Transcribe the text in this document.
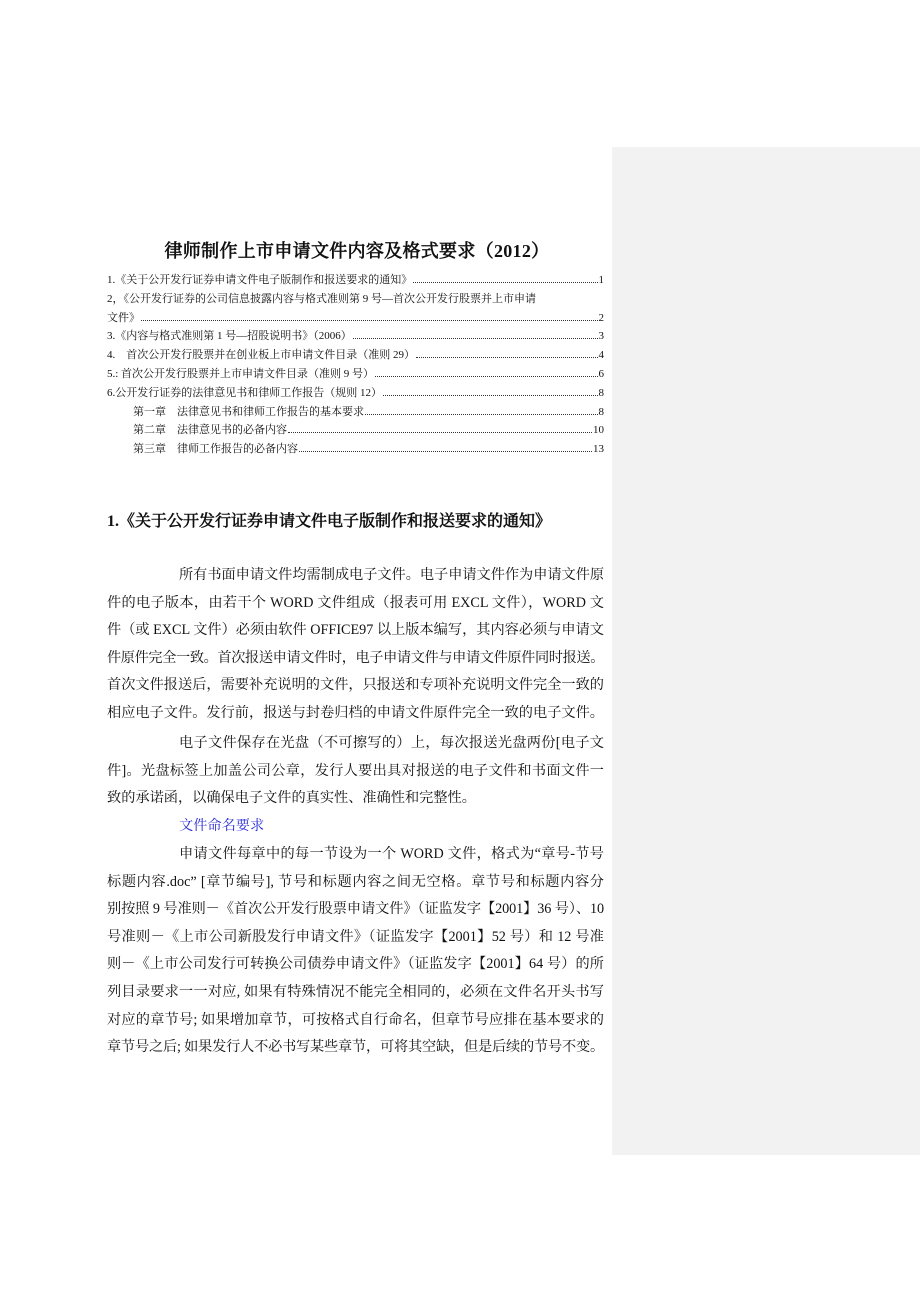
律师制作上市申请文件内容及格式要求（2012）
1.《关于公开发行证券申请文件电子版制作和报送要求的通知》	1
2，《公开发行证券的公司信息披露内容与格式准则第 9 号—首次公开发行股票并上市申请
文件》	2
3.《内容与格式准则第 1 号—招股说明书》（2006）	3
4.　首次公开发行股票并在创业板上市申请文件目录（准则 29）	4
5.: 首次公开发行股票并上市申请文件目录（准则 9 号）	6
6.公开发行证券的法律意见书和律师工作报告（规则 12）	8
第一章　法律意见书和律师工作报告的基本要求	8
第二章　法律意见书的必备内容	10
第三章　律师工作报告的必备内容	13
1.《关于公开发行证券申请文件电子版制作和报送要求的通知》
所有书面申请文件均需制成电子文件。电子申请文件作为申请文件原
件的电子版本，由若干个 WORD 文件组成（报表可用 EXCL 文件），WORD 文
件（或 EXCL 文件）必须由软件 OFFICE97 以上版本编写，其内容必须与申请文
件原件完全一致。首次报送申请文件时，电子申请文件与申请文件原件同时报送。
首次文件报送后，需要补充说明的文件，只报送和专项补充说明文件完全一致的
相应电子文件。发行前，报送与封卷归档的申请文件原件完全一致的电子文件。
电子文件保存在光盘（不可擦写的）上，每次报送光盘两份[电子文
件]。光盘标签上加盖公司公章，发行人要出具对报送的电子文件和书面文件一
致的承诺函，以确保电子文件的真实性、准确性和完整性。
文件命名要求
申请文件每章中的每一节设为一个 WORD 文件，格式为“章号-节号
标题内容.doc” [章节编号], 节号和标题内容之间无空格。章节号和标题内容分
别按照 9 号准则－《首次公开发行股票申请文件》（证监发字【2001】36 号）、10
号准则－《上市公司新股发行申请文件》（证监发字【2001】52 号）和 12 号准
则－《上市公司发行可转换公司债券申请文件》（证监发字【2001】64 号）的所
列目录要求一一对应, 如果有特殊情况不能完全相同的，必须在文件名开头书写
对应的章节号; 如果增加章节，可按格式自行命名，但章节号应排在基本要求的
章节号之后; 如果发行人不必书写某些章节，可将其空缺，但是后续的节号不变。
